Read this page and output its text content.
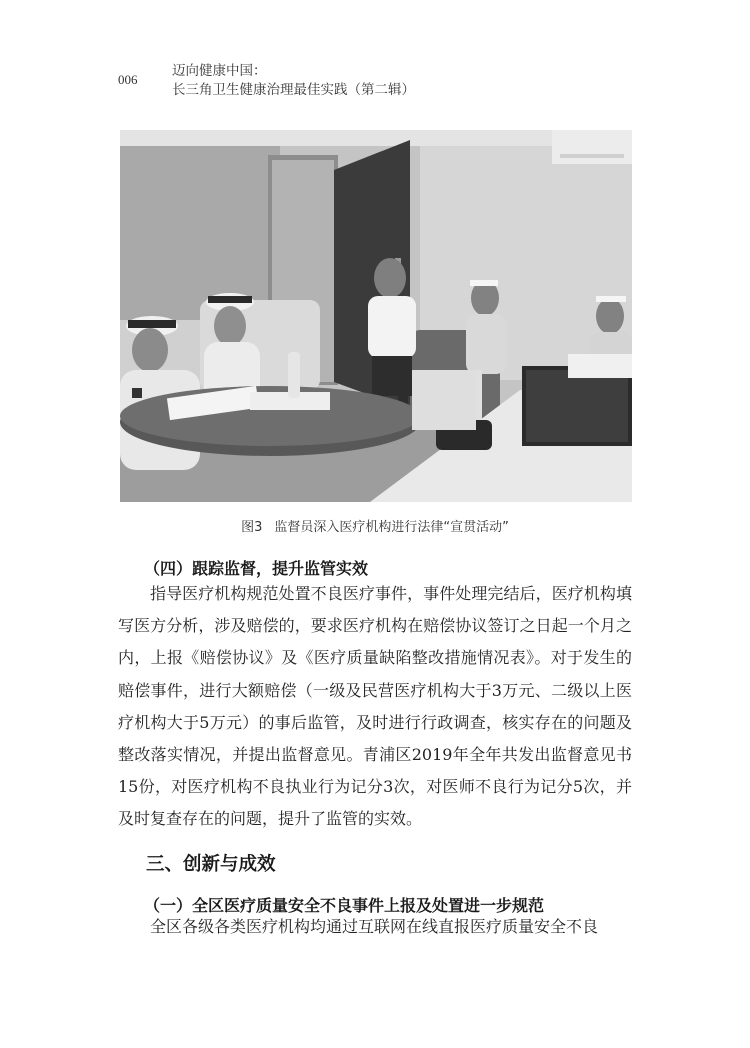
006
迈向健康中国：
长三角卫生健康治理最佳实践（第二辑）
图3 监督员深入医疗机构进行法律“宣贯活动”
（四）跟踪监督，提升监管实效

指导医疗机构规范处置不良医疗事件，事件处理完结后，医疗机构填写医方分析，涉及赔偿的，要求医疗机构在赔偿协议签订之日起一个月之内，上报《赔偿协议》及《医疗质量缺陷整改措施情况表》。对于发生的赔偿事件，进行大额赔偿（一级及民营医疗机构大于3万元、二级以上医疗机构大于5万元）的事后监管，及时进行行政调查，核实存在的问题及整改落实情况，并提出监督意见。青浦区2019年全年共发出监督意见书15份，对医疗机构不良执业行为记分3次，对医师不良行为记分5次，并及时复查存在的问题，提升了监管的实效。

三、创新与成效
（一）全区医疗质量安全不良事件上报及处置进一步规范

全区各级各类医疗机构均通过互联网在线直报医疗质量安全不良
